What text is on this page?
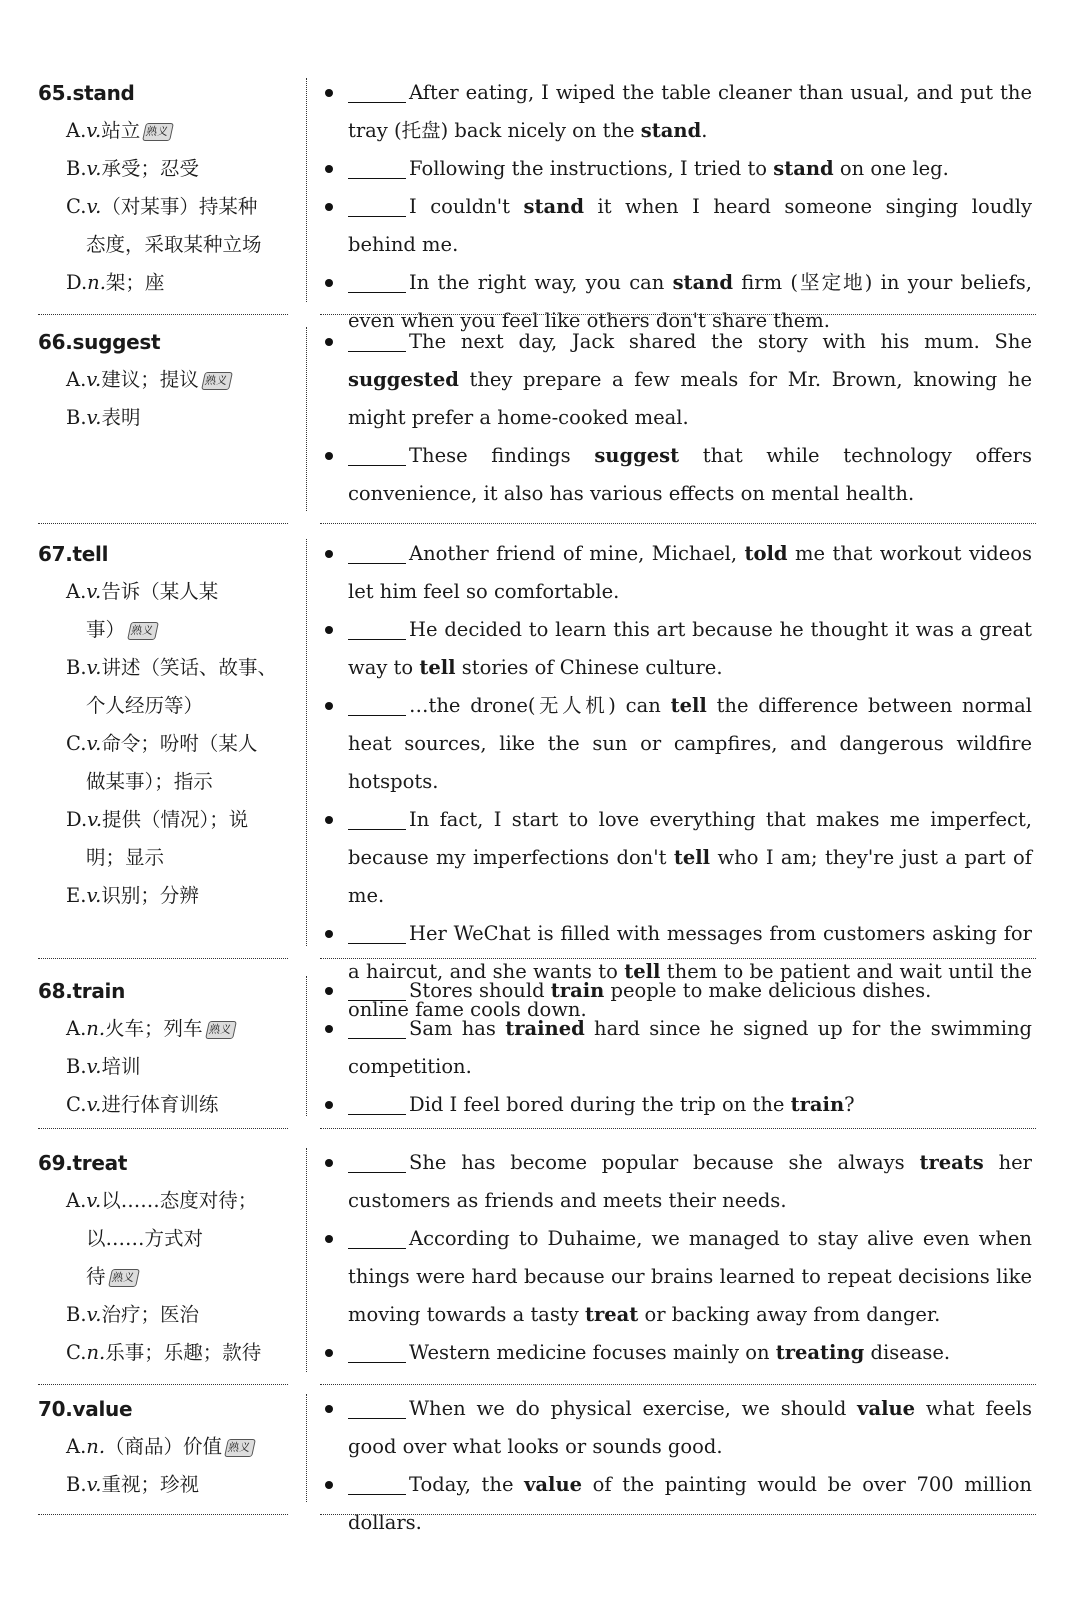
65.stand
A.v.站立 熟义
B.v.承受；忍受
C.v.（对某事）持某种
态度，采取某种立场
D.n.架；座
After eating, I wiped the table cleaner than usual, and put the tray (托盘) back nicely on the stand.
Following the instructions, I tried to stand on one leg.
I couldn't stand it when I heard someone singing loudly behind me.
In the right way, you can stand firm (坚定地) in your beliefs, even when you feel like others don't share them.
66.suggest
A.v.建议；提议 熟义
B.v.表明
The next day, Jack shared the story with his mum. She suggested they prepare a few meals for Mr. Brown, knowing he might prefer a home-cooked meal.
These findings suggest that while technology offers convenience, it also has various effects on mental health.
67.tell
A.v.告诉（某人某
事） 熟义
B.v.讲述（笑话、故事、
个人经历等）
C.v.命令；吩咐（某人
做某事）；指示
D.v.提供（情况）；说
明；显示
E.v.识别；分辨
Another friend of mine, Michael, told me that workout videos let him feel so comfortable.
He decided to learn this art because he thought it was a great way to tell stories of Chinese culture.
…the drone(无人机) can tell the difference between normal heat sources, like the sun or campfires, and dangerous wildfire hotspots.
In fact, I start to love everything that makes me imperfect, because my imperfections don't tell who I am; they're just a part of me.
Her WeChat is filled with messages from customers asking for a haircut, and she wants to tell them to be patient and wait until the online fame cools down.
68.train
A.n.火车；列车 熟义
B.v.培训
C.v.进行体育训练
Stores should train people to make delicious dishes.
Sam has trained hard since he signed up for the swimming competition.
Did I feel bored during the trip on the train?
69.treat
A.v.以……态度对待；
以……方式对
待 熟义
B.v.治疗；医治
C.n.乐事；乐趣；款待
She has become popular because she always treats her customers as friends and meets their needs.
According to Duhaime, we managed to stay alive even when things were hard because our brains learned to repeat decisions like moving towards a tasty treat or backing away from danger.
Western medicine focuses mainly on treating disease.
70.value
A.n.（商品）价值 熟义
B.v.重视；珍视
When we do physical exercise, we should value what feels good over what looks or sounds good.
Today, the value of the painting would be over 700 million dollars.
